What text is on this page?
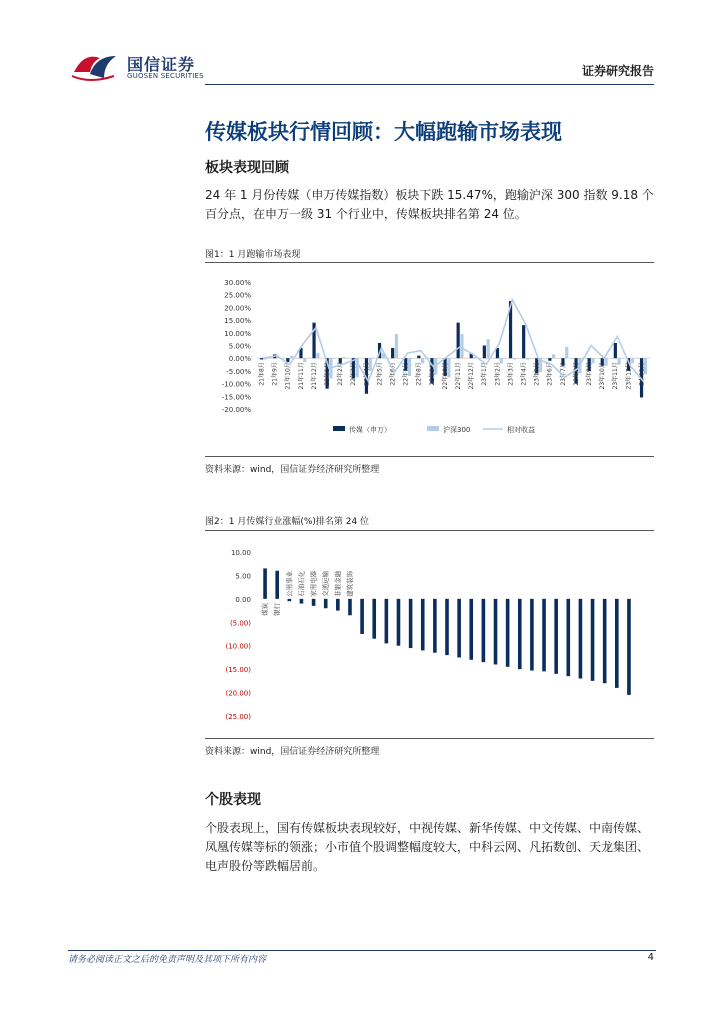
国信证券
GUOSEN SECURITIES	证券研究报告
传媒板块行情回顾：大幅跑输市场表现
板块表现回顾
24 年 1 月份传媒（申万传媒指数）板块下跌 15.47%，跑输沪深 300 指数 9.18 个百分点，在申万一级 31 个行业中，传媒板块排名第 24 位。
图1：1 月跑输市场表现
30.00%
25.00%
20.00%
15.00%
10.00%
5.00%
0.00%
-5.00%
-10.00%
-15.00%
-20.00%
21年8月 21年9月 21年10月 21年11月 21年12月 22年1月 22年2月 22年3月 22年4月 22年5月 22年6月 22年7月 22年8月 22年9月 22年10月 22年11月 22年12月 23年1月 23年2月 23年3月 23年4月 23年5月 23年6月 23年7月 23年8月 23年9月 23年10月 23年11月 23年12月 24年1月
传媒（申万）	沪深300	相对收益
资料来源：wind，国信证券经济研究所整理
图2：1 月传媒行业涨幅(%)排名第 24 位
10.00
5.00
0.00
(5.00)
(10.00)
(15.00)
(20.00)
(25.00)
煤炭 银行
公用事业 石油石化 家用电器 交通运输 非银金融 建筑装饰
资料来源：wind，国信证券经济研究所整理
个股表现
个股表现上，国有传媒板块表现较好，中视传媒、新华传媒、中文传媒、中南传媒、凤凰传媒等标的领涨；小市值个股调整幅度较大，中科云网、凡拓数创、天龙集团、电声股份等跌幅居前。
请务必阅读正文之后的免责声明及其项下所有内容	4
